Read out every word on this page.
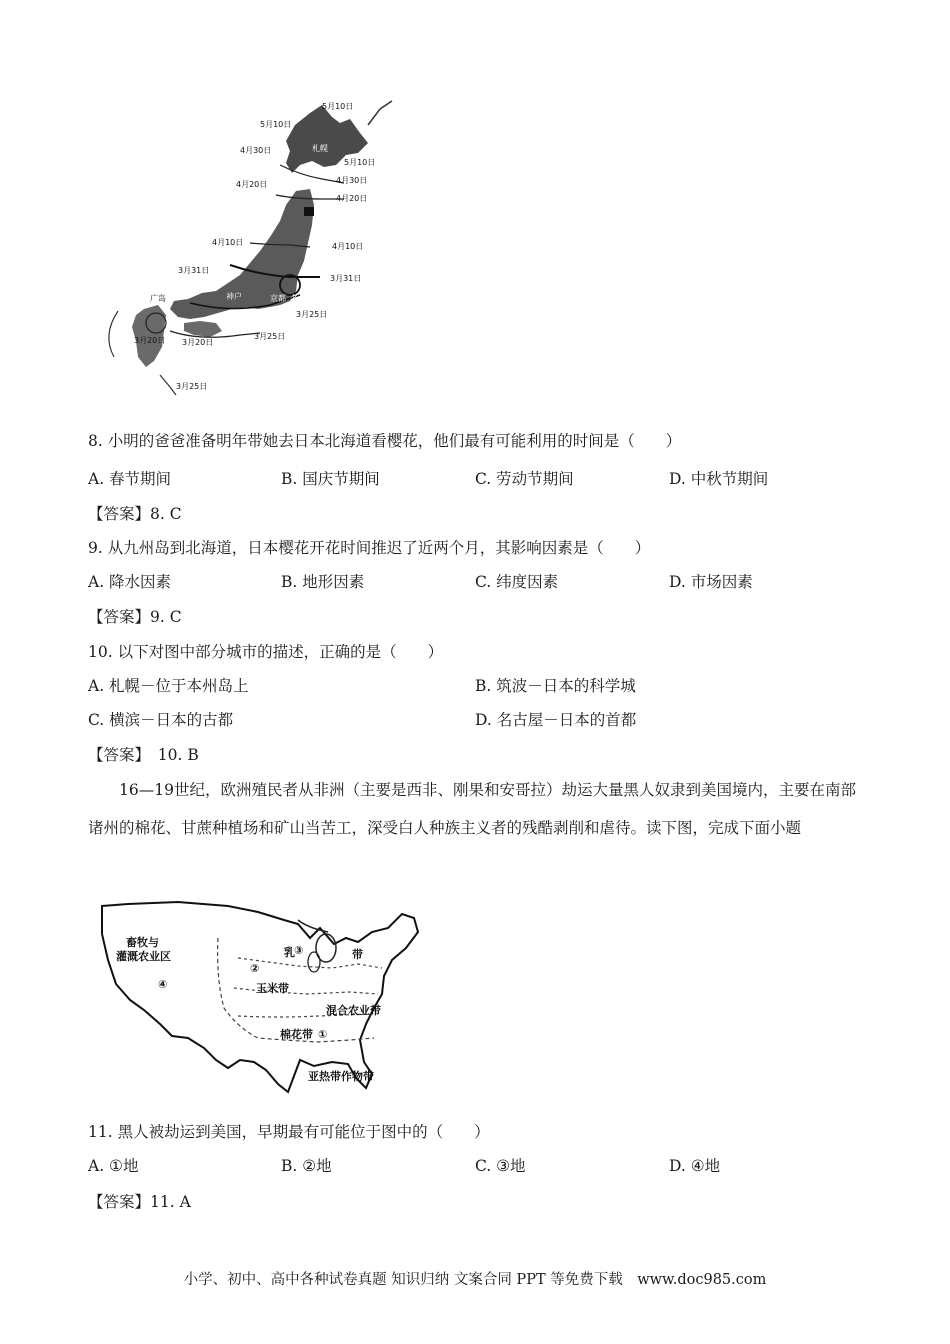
5月10日
5月10日
4月30日	札幌
5月10日
4月30日
4月20日
4月20日
4月10日	4月10日
3月31日
3月31日
广岛	神户	京都 名古屋
东京
3月25日
大阪
福冈
3月20日 3月20日
3月25日
3月25日
8. 小明的爸爸准备明年带她去日本北海道看樱花，他们最有可能利用的时间是（　　）
A. 春节期间	B. 国庆节期间	C. 劳动节期间	D. 中秋节期间
【答案】8. C
9. 从九州岛到北海道，日本樱花开花时间推迟了近两个月，其影响因素是（　　）
A. 降水因素	B. 地形因素	C. 纬度因素	D. 市场因素
【答案】9. C
10. 以下对图中部分城市的描述，正确的是（　　）
A. 札幌－位于本州岛上	B. 筑波－日本的科学城
C. 横滨－日本的古都	D. 名古屋－日本的首都
【答案】　10. B
16—19世纪，欧洲殖民者从非洲（主要是西非、刚果和安哥拉）劫运大量黑人奴隶到美国境内，主要在南部诸州的棉花、甘蔗种植场和矿山当苦工，深受白人种族主义者的残酷剥削和虐待。读下图，完成下面小题
畜牧与
灌溉农业区
④
②
玉米带
乳 ③	带
混合农业带
棉花带 ①
亚热带作物带
11. 黑人被劫运到美国，早期最有可能位于图中的（　　）
A. ①地	B. ②地	C. ③地	D. ④地
【答案】11. A
小学、初中、高中各种试卷真题 知识归纳 文案合同 PPT 等免费下载　www.doc985.com
